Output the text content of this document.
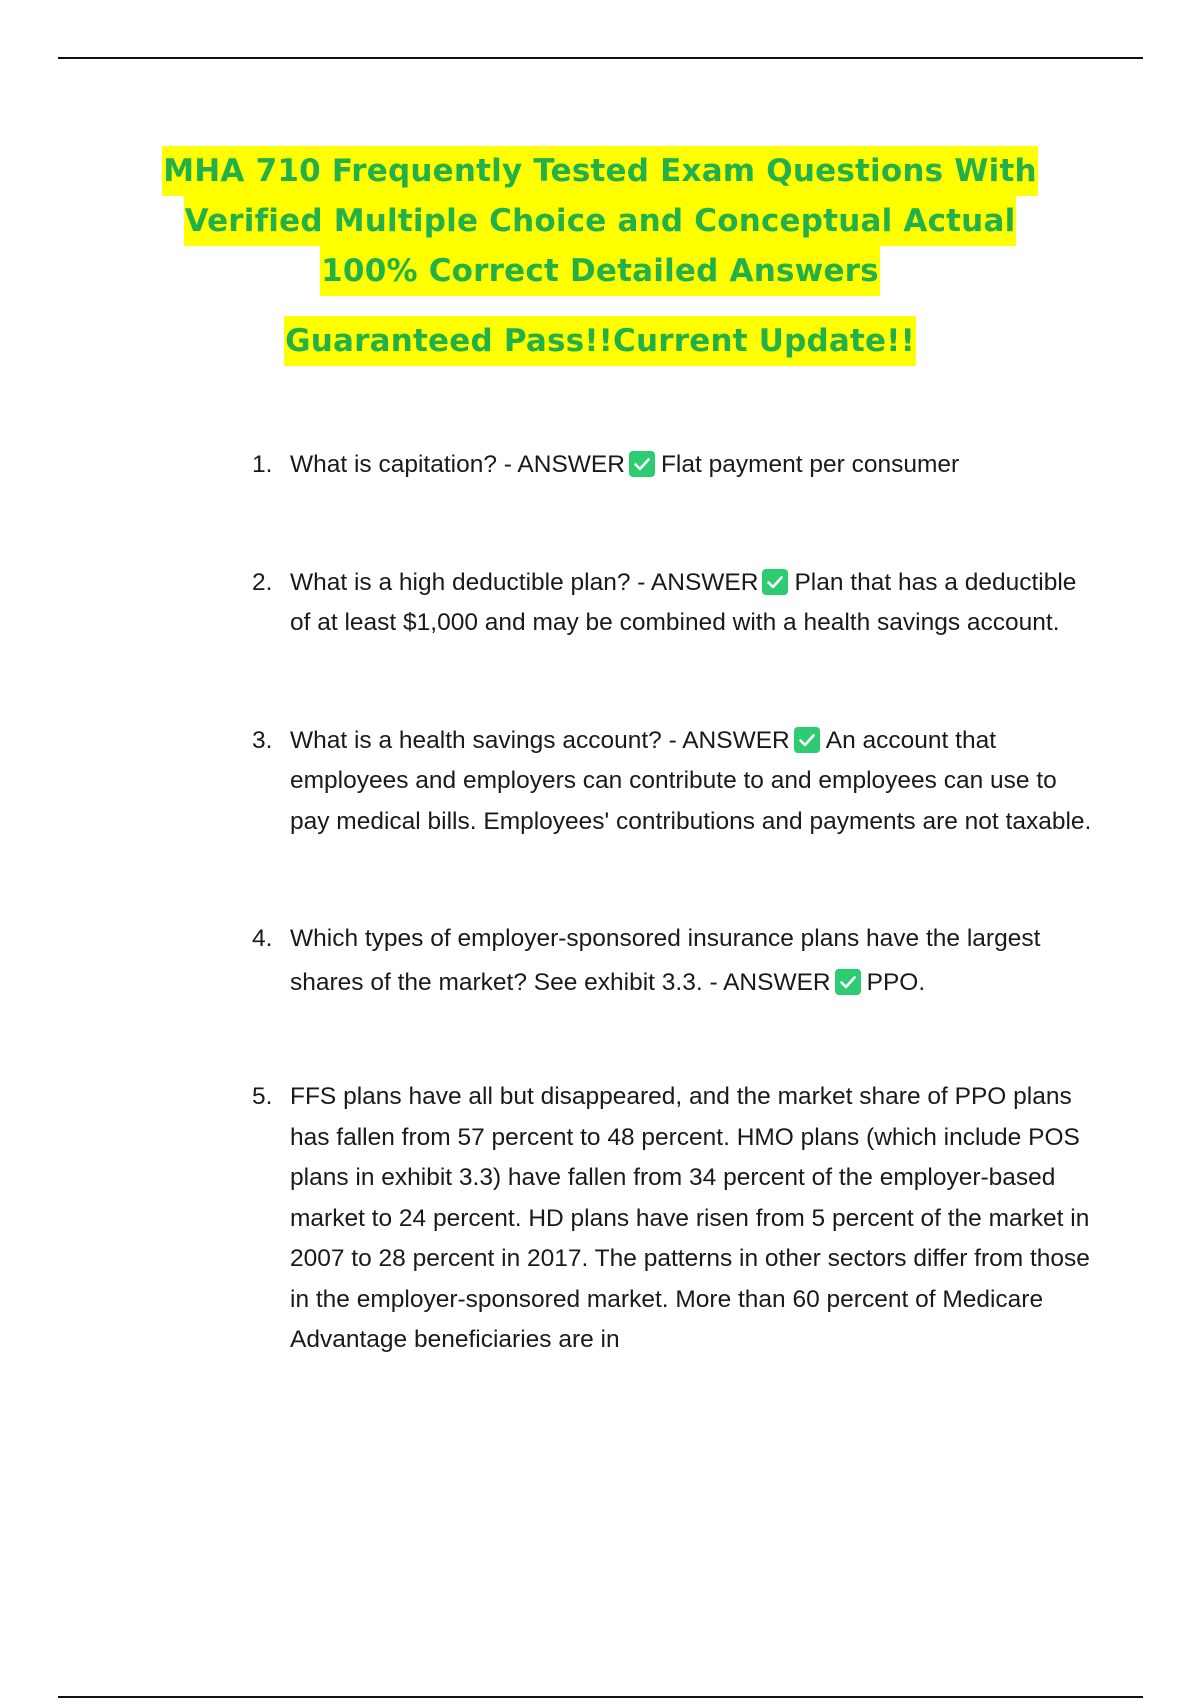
MHA 710 Frequently Tested Exam Questions With
Verified Multiple Choice and Conceptual Actual
100% Correct Detailed Answers
Guaranteed Pass!!Current Update!!
1. What is capitation? - ANSWER Flat payment per consumer
2. What is a high deductible plan? - ANSWER Plan that has a deductible of at least $1,000 and may be combined with a health savings account.
3. What is a health savings account? - ANSWER An account that employees and employers can contribute to and employees can use to pay medical bills. Employees' contributions and payments are not taxable.
4. Which types of employer-sponsored insurance plans have the largest shares of the market? See exhibit 3.3. - ANSWER PPO.
5. FFS plans have all but disappeared, and the market share of PPO plans has fallen from 57 percent to 48 percent. HMO plans (which include POS plans in exhibit 3.3) have fallen from 34 percent of the employer-based market to 24 percent. HD plans have risen from 5 percent of the market in 2007 to 28 percent in 2017. The patterns in other sectors differ from those in the employer-sponsored market. More than 60 percent of Medicare Advantage beneficiaries are in
